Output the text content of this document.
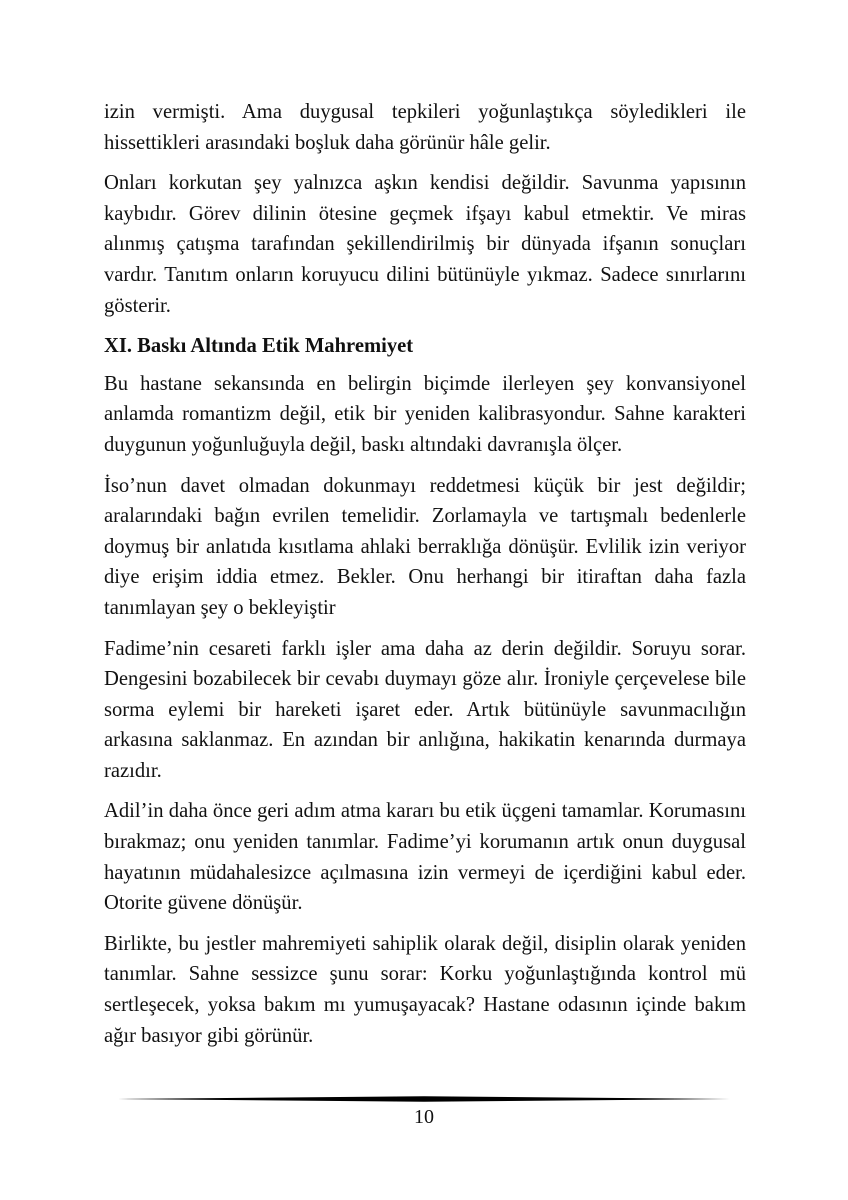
izin vermişti. Ama duygusal tepkileri yoğunlaştıkça söyledikleri ile hissettikleri arasındaki boşluk daha görünür hâle gelir.

Onları korkutan şey yalnızca aşkın kendisi değildir. Savunma yapısının kaybıdır. Görev dilinin ötesine geçmek ifşayı kabul etmektir. Ve miras alınmış çatışma tarafından şekillendirilmiş bir dünyada ifşanın sonuçları vardır. Tanıtım onların koruyucu dilini bütünüyle yıkmaz. Sadece sınırlarını gösterir.

XI. Baskı Altında Etik Mahremiyet

Bu hastane sekansında en belirgin biçimde ilerleyen şey konvansiyonel anlamda romantizm değil, etik bir yeniden kalibrasyondur. Sahne karakteri duygunun yoğunluğuyla değil, baskı altındaki davranışla ölçer.

İso’nun davet olmadan dokunmayı reddetmesi küçük bir jest değildir; aralarındaki bağın evrilen temelidir. Zorlamayla ve tartışmalı bedenlerle doymuş bir anlatıda kısıtlama ahlaki berraklığa dönüşür. Evlilik izin veriyor diye erişim iddia etmez. Bekler. Onu herhangi bir itiraftan daha fazla tanımlayan şey o bekleyiştir

Fadime’nin cesareti farklı işler ama daha az derin değildir. Soruyu sorar. Dengesini bozabilecek bir cevabı duymayı göze alır. İroniyle çerçevelese bile sorma eylemi bir hareketi işaret eder. Artık bütünüyle savunmacılığın arkasına saklanmaz. En azından bir anlığına, hakikatin kenarında durmaya razıdır.

Adil’in daha önce geri adım atma kararı bu etik üçgeni tamamlar. Korumasını bırakmaz; onu yeniden tanımlar. Fadime’yi korumanın artık onun duygusal hayatının müdahalesizce açılmasına izin vermeyi de içerdiğini kabul eder. Otorite güvene dönüşür.

Birlikte, bu jestler mahremiyeti sahiplik olarak değil, disiplin olarak yeniden tanımlar. Sahne sessizce şunu sorar: Korku yoğunlaştığında kontrol mü sertleşecek, yoksa bakım mı yumuşayacak? Hastane odasının içinde bakım ağır basıyor gibi görünür.

10
